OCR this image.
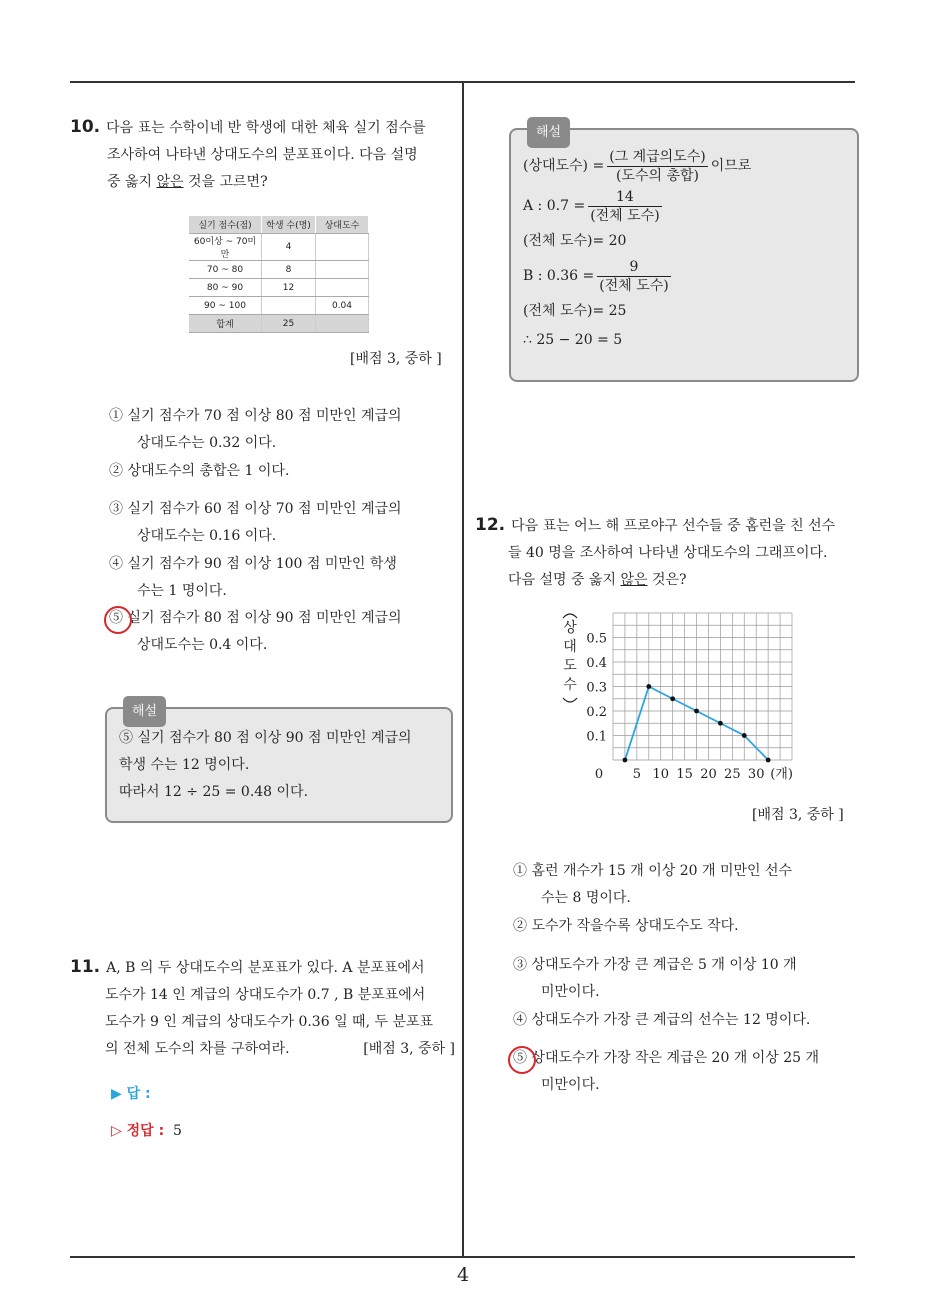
4
10. 다음 표는 수학이네 반 학생에 대한 체육 실기 점수를
조사하여 나타낸 상대도수의 분포표이다. 다음 설명
중 옳지 않은 것을 고르면?
실기 점수(점)	학생 수(명)	상대도수
60이상 ~ 70미만	4	
70 ~ 80	8	
80 ~ 90	12	
90 ~ 100		0.04
합계	25	
[배점 3, 중하 ]
① 실기 점수가 70 점 이상 80 점 미만인 계급의
상대도수는 0.32 이다.
② 상대도수의 총합은 1 이다.
③ 실기 점수가 60 점 이상 70 점 미만인 계급의
상대도수는 0.16 이다.
④ 실기 점수가 90 점 이상 100 점 미만인 학생
수는 1 명이다.
⑤ 실기 점수가 80 점 이상 90 점 미만인 계급의
상대도수는 0.4 이다.
해설
⑤ 실기 점수가 80 점 이상 90 점 미만인 계급의
학생 수는 12 명이다.
따라서 12 ÷ 25 = 0.48 이다.
11. A, B 의 두 상대도수의 분포표가 있다. A 분포표에서
도수가 14 인 계급의 상대도수가 0.7 , B 분포표에서
도수가 9 인 계급의 상대도수가 0.36 일 때, 두 분포표
의 전체 도수의 차를 구하여라.	[배점 3, 중하 ]
▶ 답 :
▷ 정답 : 5
해설
(상대도수) = $\frac{\text{(그 계급의도수)}}{\text{(도수의 총합)}}$ 이므로
A : $0.7 = \frac{14}{\text{(전체 도수)}}$
(전체 도수)= 20
B : $0.36 = \frac{9}{\text{(전체 도수)}}$
(전체 도수)= 25
∴ 25 − 20 = 5
12. 다음 표는 어느 해 프로야구 선수들 중 홈런을 친 선수
들 40 명을 조사하여 나타낸 상대도수의 그래프이다.
다음 설명 중 옳지 않은 것은?
0.1
0.2
0.3
0.4
0.5
0 5 10 15 20 25 30 (개)
상
대
도
수
[배점 3, 중하 ]
① 홈런 개수가 15 개 이상 20 개 미만인 선수
수는 8 명이다.
② 도수가 작을수록 상대도수도 작다.
③ 상대도수가 가장 큰 계급은 5 개 이상 10 개
미만이다.
④ 상대도수가 가장 큰 계급의 선수는 12 명이다.
⑤ 상대도수가 가장 작은 계급은 20 개 이상 25 개
미만이다.
